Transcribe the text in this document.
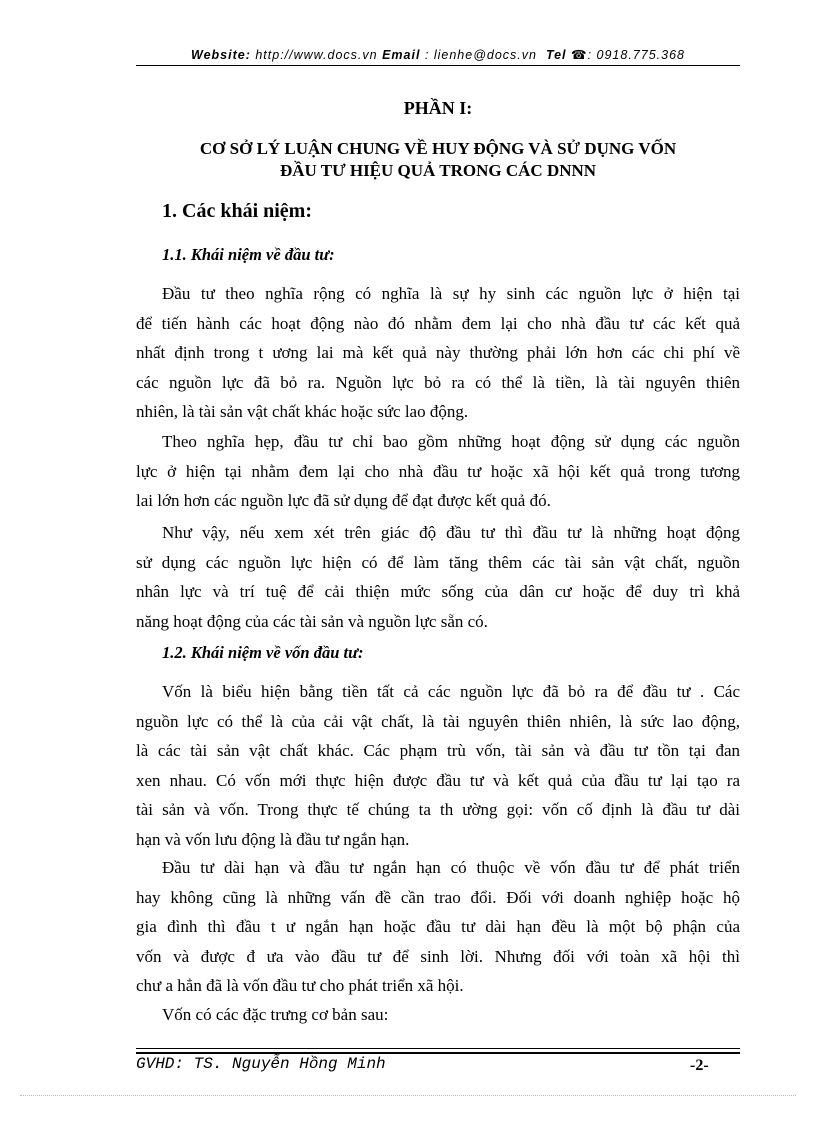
Website: http://www.docs.vn Email : lienhe@docs.vn Tel ☎: 0918.775.368
PHẦN I:
CƠ SỞ LÝ LUẬN CHUNG VỀ HUY ĐỘNG VÀ SỬ DỤNG VỐN
ĐẦU TƯ HIỆU QUẢ TRONG CÁC DNNN
1. Các khái niệm:
1.1. Khái niệm về đầu tư:
Đầu tư theo nghĩa rộng có nghĩa là sự hy sinh các nguồn lực ở hiện tại
để tiến hành các hoạt động nào đó nhằm đem lại cho nhà đầu tư các kết quả
nhất định trong t ương lai mà kết quả này thường phải lớn hơn các chi phí về
các nguồn lực đã bỏ ra. Nguồn lực bỏ ra có thể là tiền, là tài nguyên thiên
nhiên, là tài sản vật chất khác hoặc sức lao động.
Theo nghĩa hẹp, đầu tư chỉ bao gồm những hoạt động sử dụng các nguồn
lực ở hiện tại nhằm đem lại cho nhà đầu tư hoặc xã hội kết quả trong tương
lai lớn hơn các nguồn lực đã sử dụng để đạt được kết quả đó.
Như vậy, nếu xem xét trên giác độ đầu tư thì đầu tư là những hoạt động
sử dụng các nguồn lực hiện có để làm tăng thêm các tài sản vật chất, nguồn
nhân lực và trí tuệ để cải thiện mức sống của dân cư hoặc để duy trì khả
năng hoạt động của các tài sản và nguồn lực sẵn có.
1.2. Khái niệm về vốn đầu tư:
Vốn là biểu hiện bằng tiền tất cả các nguồn lực đã bỏ ra để đầu tư . Các
nguồn lực có thể là của cải vật chất, là tài nguyên thiên nhiên, là sức lao động,
là các tài sản vật chất khác. Các phạm trù vốn, tài sản và đầu tư tồn tại đan
xen nhau. Có vốn mới thực hiện được đầu tư và kết quả của đầu tư lại tạo ra
tài sản và vốn. Trong thực tế chúng ta th ường gọi: vốn cố định là đầu tư dài
hạn và vốn lưu động là đầu tư ngắn hạn.
Đầu tư dài hạn và đầu tư ngắn hạn có thuộc về vốn đầu tư để phát triển
hay không cũng là những vấn đề cần trao đổi. Đối với doanh nghiệp hoặc hộ
gia đình thì đầu t ư ngắn hạn hoặc đầu tư dài hạn đều là một bộ phận của
vốn và được đ ưa vào đầu tư để sinh lời. Nhưng đối với toàn xã hội thì
chư a hẳn đã là vốn đầu tư cho phát triển xã hội.
Vốn có các đặc trưng cơ bản sau:
GVHD: TS. Nguyễn Hồng Minh	-2-
